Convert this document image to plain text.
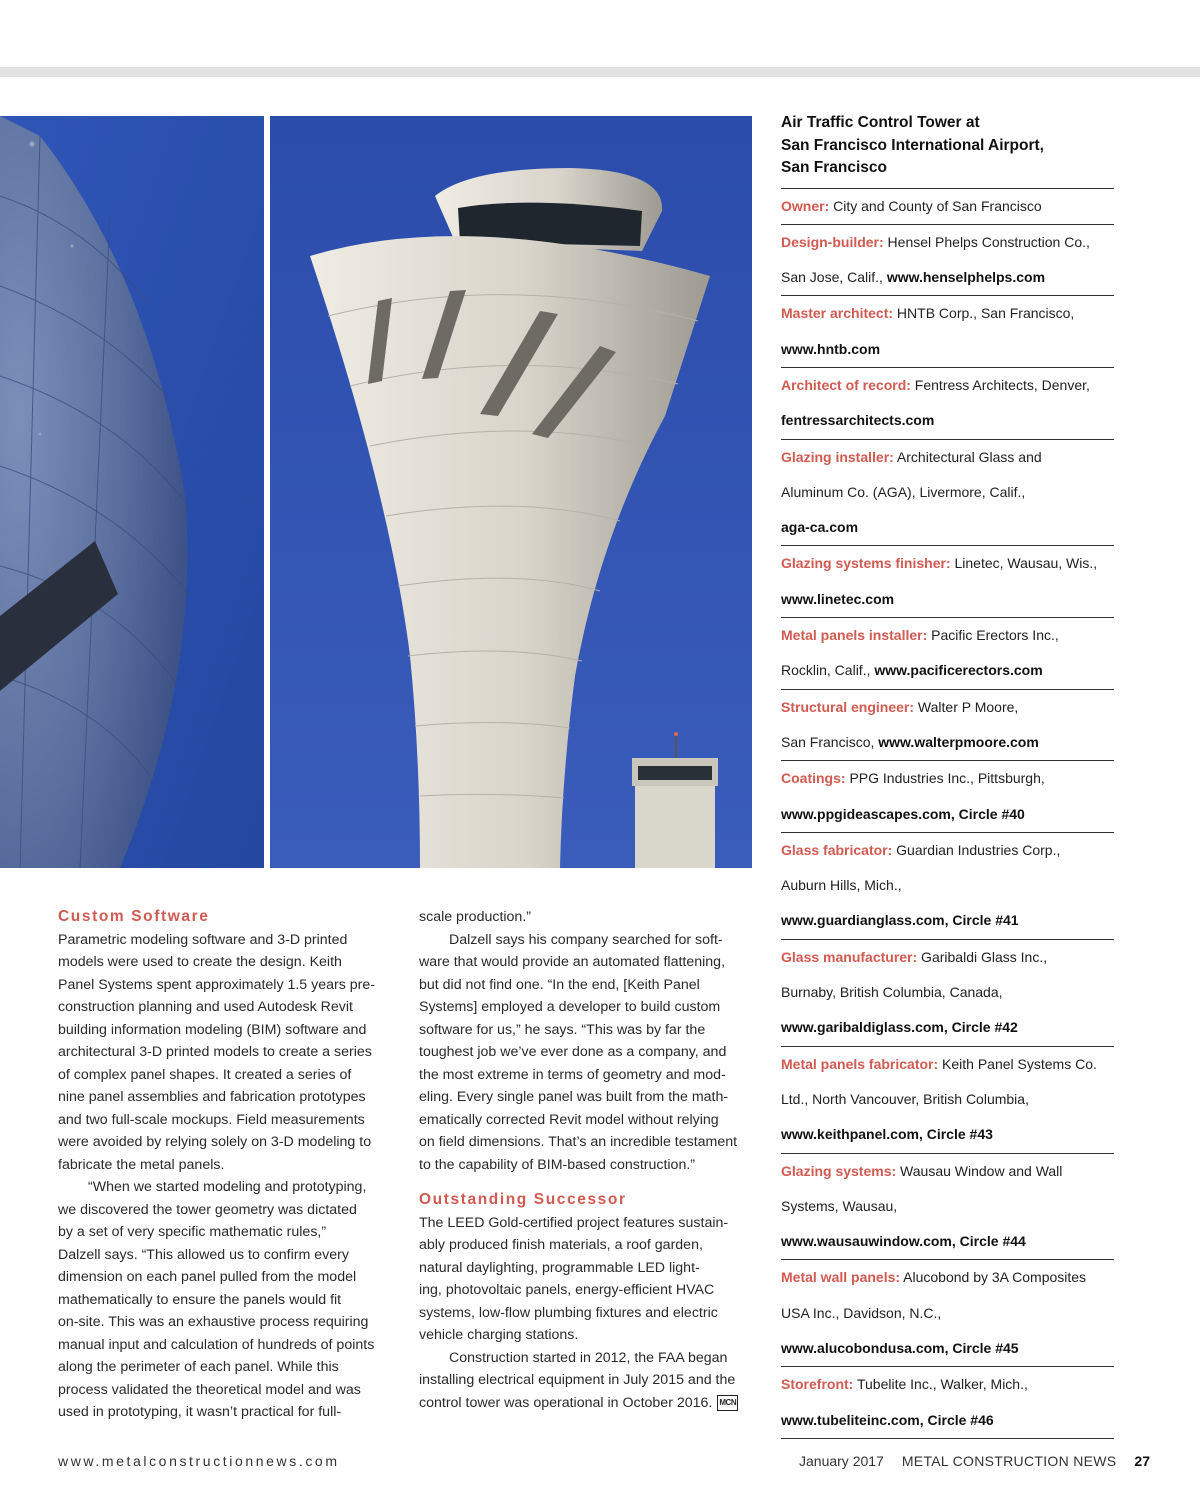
Air Traffic Control Tower at
San Francisco International Airport,
San Francisco
Owner: City and County of San Francisco
Design-builder: Hensel Phelps Construction Co.,
San Jose, Calif., www.henselphelps.com
Master architect: HNTB Corp., San Francisco,
www.hntb.com
Architect of record: Fentress Architects, Denver,
fentressarchitects.com
Glazing installer: Architectural Glass and
Aluminum Co. (AGA), Livermore, Calif.,
aga-ca.com
Glazing systems finisher: Linetec, Wausau, Wis.,
www.linetec.com
Metal panels installer: Pacific Erectors Inc.,
Rocklin, Calif., www.pacificerectors.com
Structural engineer: Walter P Moore,
San Francisco, www.walterpmoore.com
Coatings: PPG Industries Inc., Pittsburgh,
www.ppgideascapes.com, Circle #40
Glass fabricator: Guardian Industries Corp.,
Auburn Hills, Mich.,
www.guardianglass.com, Circle #41
Glass manufacturer: Garibaldi Glass Inc.,
Burnaby, British Columbia, Canada,
www.garibaldiglass.com, Circle #42
Metal panels fabricator: Keith Panel Systems Co.
Ltd., North Vancouver, British Columbia,
www.keithpanel.com, Circle #43
Glazing systems: Wausau Window and Wall
Systems, Wausau,
www.wausauwindow.com, Circle #44
Metal wall panels: Alucobond by 3A Composites
USA Inc., Davidson, N.C.,
www.alucobondusa.com, Circle #45
Storefront: Tubelite Inc., Walker, Mich.,
www.tubeliteinc.com, Circle #46
Custom Software

Parametric modeling software and 3-D printed

models were used to create the design. Keith

Panel Systems spent approximately 1.5 years pre-

construction planning and used Autodesk Revit

building information modeling (BIM) software and

architectural 3-D printed models to create a series

of complex panel shapes. It created a series of

nine panel assemblies and fabrication prototypes

and two full-scale mockups. Field measurements

were avoided by relying solely on 3-D modeling to

fabricate the metal panels.

“When we started modeling and prototyping,

we discovered the tower geometry was dictated

by a set of very specific mathematic rules,”

Dalzell says. “This allowed us to confirm every

dimension on each panel pulled from the model

mathematically to ensure the panels would fit

on-site. This was an exhaustive process requiring

manual input and calculation of hundreds of points

along the perimeter of each panel. While this

process validated the theoretical model and was

used in prototyping, it wasn’t practical for full-

scale production.”

Dalzell says his company searched for soft-

ware that would provide an automated flattening,

but did not find one. “In the end, [Keith Panel

Systems] employed a developer to build custom

software for us,” he says. “This was by far the

toughest job we’ve ever done as a company, and

the most extreme in terms of geometry and mod-

eling. Every single panel was built from the math-

ematically corrected Revit model without relying

on field dimensions. That’s an incredible testament

to the capability of BIM-based construction.”

Outstanding Successor

The LEED Gold-certified project features sustain-

ably produced finish materials, a roof garden,

natural daylighting, programmable LED light-

ing, photovoltaic panels, energy-efficient HVAC

systems, low-flow plumbing fixtures and electric

vehicle charging stations.

Construction started in 2012, the FAA began

installing electrical equipment in July 2015 and the

control tower was operational in October 2016. MCN

www.metalconstructionnews.com	January 2017 METAL CONSTRUCTION NEWS 27
